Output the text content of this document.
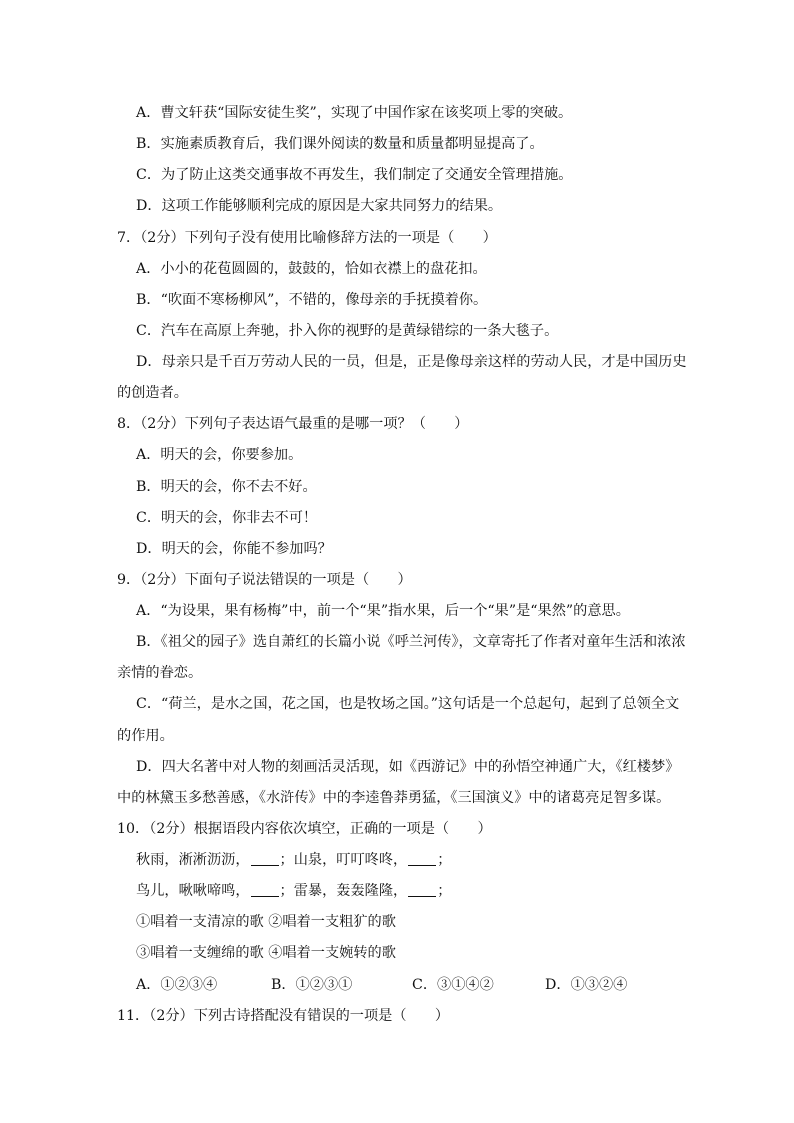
A．曹文轩获“国际安徒生奖”，实现了中国作家在该奖项上零的突破。
B．实施素质教育后，我们课外阅读的数量和质量都明显提高了。
C．为了防止这类交通事故不再发生，我们制定了交通安全管理措施。
D．这项工作能够顺利完成的原因是大家共同努力的结果。
7．（2分）下列句子没有使用比喻修辞方法的一项是（　　）
A．小小的花苞圆圆的，鼓鼓的，恰如衣襟上的盘花扣。
B．“吹面不寒杨柳风”，不错的，像母亲的手抚摸着你。
C．汽车在高原上奔驰，扑入你的视野的是黄绿错综的一条大毯子。
D．母亲只是千百万劳动人民的一员，但是，正是像母亲这样的劳动人民，才是中国历史
的创造者。
8．（2分）下列句子表达语气最重的是哪一项？（　　）
A．明天的会，你要参加。
B．明天的会，你不去不好。
C．明天的会，你非去不可！
D．明天的会，你能不参加吗？
9．（2分）下面句子说法错误的一项是（　　）
A．“为设果，果有杨梅”中，前一个“果”指水果，后一个“果”是“果然”的意思。
B．《祖父的园子》选自萧红的长篇小说《呼兰河传》，文章寄托了作者对童年生活和浓浓
亲情的眷恋。
C．“荷兰，是水之国，花之国，也是牧场之国。”这句话是一个总起句，起到了总领全文
的作用。
D．四大名著中对人物的刻画活灵活现，如《西游记》中的孙悟空神通广大，《红楼梦》
中的林黛玉多愁善感，《水浒传》中的李逵鲁莽勇猛，《三国演义》中的诸葛亮足智多谋。
10．（2分）根据语段内容依次填空，正确的一项是（　　）
秋雨，淅淅沥沥， ；山泉，叮叮咚咚， ；
鸟儿，啾啾啼鸣， ；雷暴，轰轰隆隆， ；
①唱着一支清凉的歌 ②唱着一支粗犷的歌
③唱着一支缠绵的歌 ④唱着一支婉转的歌
A．①②③④	B．①②③①	C．③①④②	D．①③②④
11．（2分）下列古诗搭配没有错误的一项是（　　）
